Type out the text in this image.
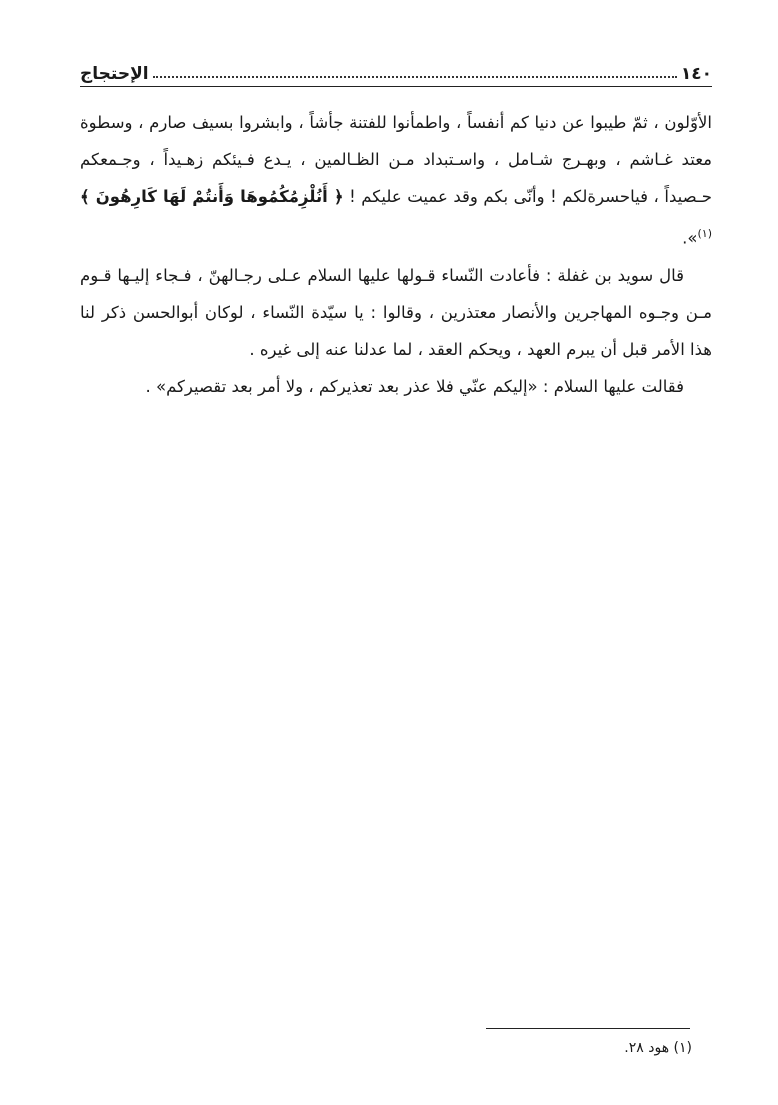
١٤٠
الإحتجاج

الأوّلون ، ثمّ طيبوا عن دنيا كم أنفساً ، واطمأنوا للفتنة جأشاً ، وابشروا بسيف صارم ، وسطوة معتد غـاشم ، وبهـرج شـامل ، واسـتبداد مـن الظـالمين ، يـدع فـيئكم زهـيداً ، وجـمعكم حـصيداً ، فياحسرةلكم ! وأنّى بكم وقد عميت عليكم ! ﴿ أَنُلْزِمُكُمُوهَا وَأَنتُمْ لَهَا كَارِهُونَ ﴾$^{(١)}$».

قال سويد بن غفلة : فأعادت النّساء قـولها عليها السلام عـلى رجـالهنّ ، فـجاء إليـها قـوم مـن وجـوه المهاجرين والأنصار معتذرين ، وقالوا : يا سيّدة النّساء ، لوكان أبوالحسن ذكر لنا هذا الأمر قبل أن يبرم العهد ، ويحكم العقد ، لما عدلنا عنه إلى غيره .

فقالت عليها السلام : «إليكم عنّي فلا عذر بعد تعذيركم ، ولا أمر بعد تقصيركم» .

(١) هود ٢٨.
